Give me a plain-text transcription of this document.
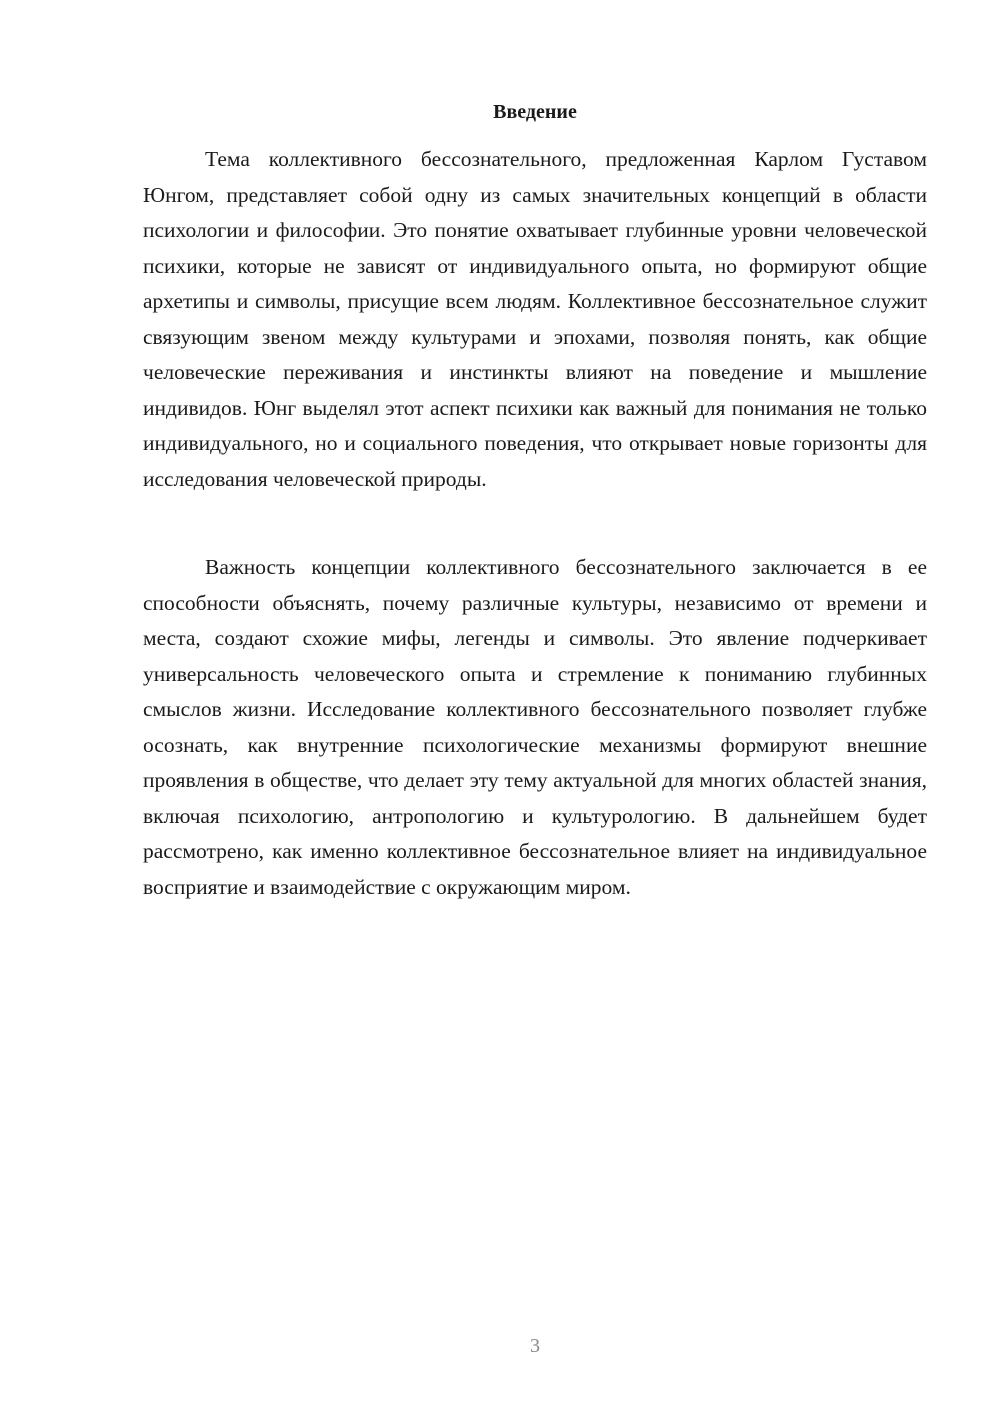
Введение

Тема коллективного бессознательного, предложенная Карлом Густавом Юнгом, представляет собой одну из самых значительных концепций в области психологии и философии. Это понятие охватывает глубинные уровни человеческой психики, которые не зависят от индивидуального опыта, но формируют общие архетипы и символы, присущие всем людям. Коллективное бессознательное служит связующим звеном между культурами и эпохами, позволяя понять, как общие человеческие переживания и инстинкты влияют на поведение и мышление индивидов. Юнг выделял этот аспект психики как важный для понимания не только индивидуального, но и социального поведения, что открывает новые горизонты для исследования человеческой природы.

Важность концепции коллективного бессознательного заключается в ее способности объяснять, почему различные культуры, независимо от времени и места, создают схожие мифы, легенды и символы. Это явление подчеркивает универсальность человеческого опыта и стремление к пониманию глубинных смыслов жизни. Исследование коллективного бессознательного позволяет глубже осознать, как внутренние психологические механизмы формируют внешние проявления в обществе, что делает эту тему актуальной для многих областей знания, включая психологию, антропологию и культурологию. В дальнейшем будет рассмотрено, как именно коллективное бессознательное влияет на индивидуальное восприятие и взаимодействие с окружающим миром.

3
